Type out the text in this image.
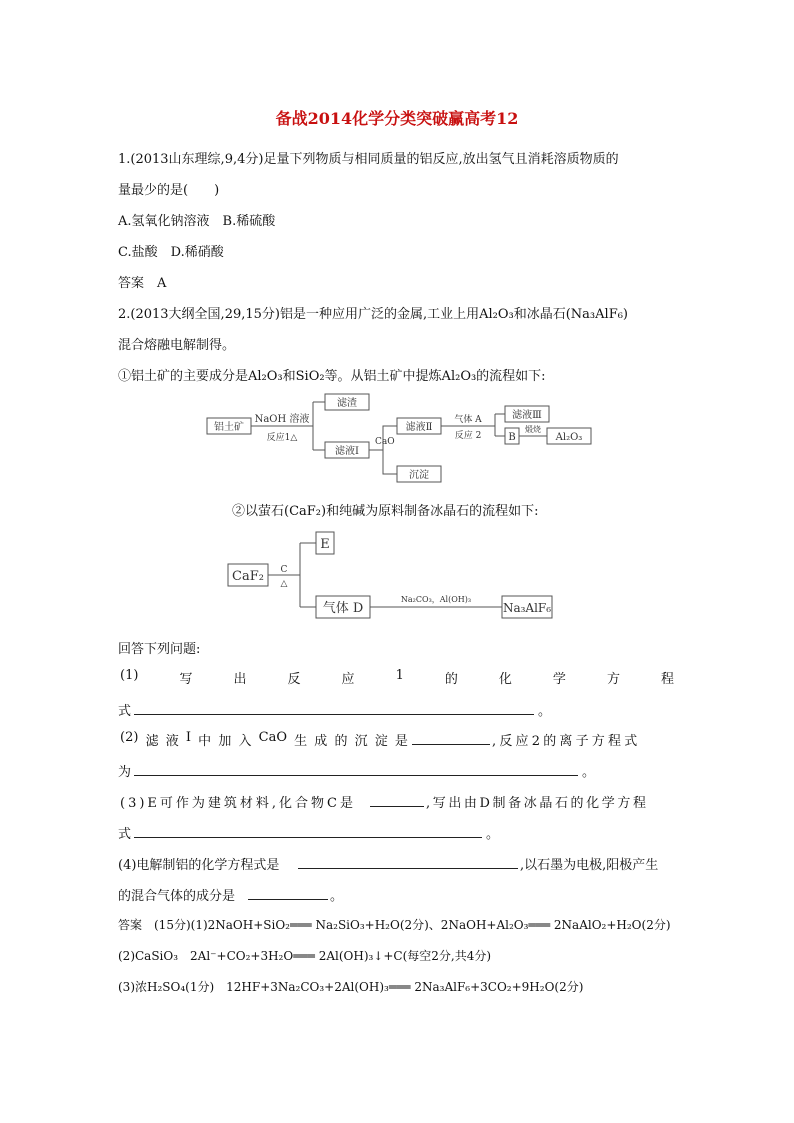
备战2014化学分类突破赢高考12
1.(2013山东理综,9,4分)足量下列物质与相同质量的铝反应,放出氢气且消耗溶质物质的
量最少的是(　　)
A.氢氧化钠溶液　B.稀硫酸
C.盐酸　D.稀硝酸
答案　A
2.(2013大纲全国,29,15分)铝是一种应用广泛的金属,工业上用Al₂O₃和冰晶石(Na₃AlF₆)
混合熔融电解制得。
①铝土矿的主要成分是Al₂O₃和SiO₂等。从铝土矿中提炼Al₂O₃的流程如下:
铝土矿
NaOH 溶液
反应1△
滤渣
滤液Ⅰ
CaO
滤液Ⅱ
沉淀
气体 A
反应 2
滤液Ⅲ
B
煅烧
Al₂O₃
②以萤石(CaF₂)和纯碱为原料制备冰晶石的流程如下:
CaF₂ C
△
E
气体 D
Na₂CO₃，Al(OH)₃
Na₃AlF₆
回答下列问题:
(1)	写	出	反	应	1	的	化	学	方	程
式	。
(2) 滤 液 Ⅰ 中 加 入 CaO 生 成 的 沉 淀 是	,反应2的离子方程式
为	。
(3)E可作为建筑材料,化合物C是	,写出由D制备冰晶石的化学方程
式	。
(4)电解制铝的化学方程式是	,以石墨为电极,阳极产生
的混合气体的成分是	。
答案　(15分)(1)2NaOH+SiO₂═══ Na₂SiO₃+H₂O(2分)、2NaOH+Al₂O₃═══ 2NaAlO₂+H₂O(2分)
(2)CaSiO₃　2Al⁻+CO₂+3H₂O═══ 2Al(OH)₃↓+C(每空2分,共4分)
(3)浓H₂SO₄(1分)　12HF+3Na₂CO₃+2Al(OH)₃═══ 2Na₃AlF₆+3CO₂+9H₂O(2分)
